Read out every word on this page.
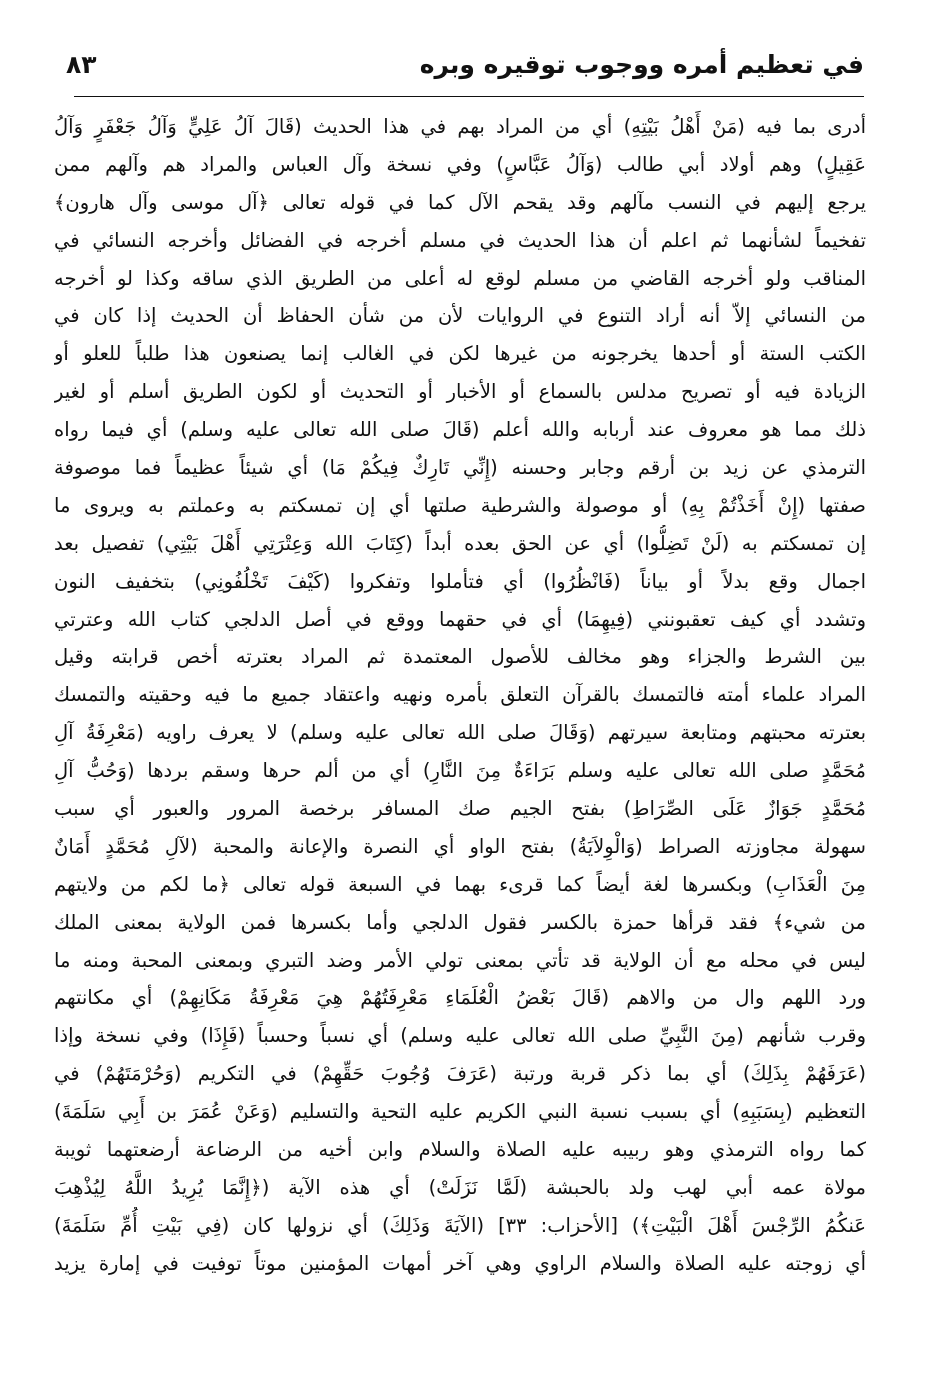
في تعظيم أمره ووجوب توقيره وبره
٨٣
أدرى بما فيه (مَنْ أَهْلُ بَيْتِهِ) أي من المراد بهم في هذا الحديث (قَالَ آلُ عَلِيٍّ وَآلُ جَعْفَرٍ وَآلُ
عَقِيلٍ) وهم أولاد أبي طالب (وَآلُ عَبَّاسٍ) وفي نسخة وآل العباس والمراد هم وآلهم ممن
يرجع إليهم في النسب مآلهم وقد يقحم الآل كما في قوله تعالى ﴿آل موسى وآل هارون﴾
تفخيماً لشأنهما ثم اعلم أن هذا الحديث في مسلم أخرجه في الفضائل وأخرجه النسائي في
المناقب ولو أخرجه القاضي من مسلم لوقع له أعلى من الطريق الذي ساقه وكذا لو أخرجه
من النسائي إلاّ أنه أراد التنوع في الروايات لأن من شأن الحفاظ أن الحديث إذا كان في
الكتب الستة أو أحدها يخرجونه من غيرها لكن في الغالب إنما يصنعون هذا طلباً للعلو أو
الزيادة فيه أو تصريح مدلس بالسماع أو الأخبار أو التحديث أو لكون الطريق أسلم أو لغير
ذلك مما هو معروف عند أربابه والله أعلم (قَالَ صلى الله تعالى عليه وسلم) أي فيما رواه
الترمذي عن زيد بن أرقم وجابر وحسنه (إِنِّي تَارِكٌ فِيكُمْ مَا) أي شيئاً عظيماً فما موصوفة
صفتها (إِنْ أَخَذْتُمْ بِهِ) أو موصولة والشرطية صلتها أي إن تمسكتم به وعملتم به ويروى ما
إن تمسكتم به (لَنْ تَضِلُّوا) أي عن الحق بعده أبداً (كِتَابَ الله وَعِتْرَتِي أَهْلَ بَيْتِي) تفصيل بعد
اجمال وقع بدلاً أو بياناً (فَانْظُرُوا) أي فتأملوا وتفكروا (كَيْفَ تَخْلُفُونِي) بتخفيف النون
وتشدد أي كيف تعقبونني (فِيهِمَا) أي في حقهما ووقع في أصل الدلجي كتاب الله وعترتي
بين الشرط والجزاء وهو مخالف للأصول المعتمدة ثم المراد بعترته أخص قرابته وقيل
المراد علماء أمته فالتمسك بالقرآن التعلق بأمره ونهيه واعتقاد جميع ما فيه وحقيته والتمسك
بعترته محبتهم ومتابعة سيرتهم (وَقَالَ صلى الله تعالى عليه وسلم) لا يعرف راويه (مَعْرِفَةُ آلِ
مُحَمَّدٍ صلى الله تعالى عليه وسلم بَرَاءَةٌ مِنَ النَّارِ) أي من ألم حرها وسقم بردها (وَحُبُّ آلِ
مُحَمَّدٍ جَوَازٌ عَلَى الصِّرَاطِ) بفتح الجيم صك المسافر برخصة المرور والعبور أي سبب
سهولة مجاوزته الصراط (وَالْوِلاَيَةُ) بفتح الواو أي النصرة والإعانة والمحبة (لآلِ مُحَمَّدٍ أَمَانٌ
مِنَ الْعَذَابِ) وبكسرها لغة أيضاً كما قرىء بهما في السبعة قوله تعالى ﴿ما لكم من ولايتهم
من شيء﴾ فقد قرأها حمزة بالكسر فقول الدلجي وأما بكسرها فمن الولاية بمعنى الملك
ليس في محله مع أن الولاية قد تأتي بمعنى تولي الأمر وضد التبري وبمعنى المحبة ومنه ما
ورد اللهم وال من والاهم (قَالَ بَعْضُ الْعُلَمَاءِ مَعْرِفَتُهُمْ هِيَ مَعْرِفَةُ مَكَانِهِمْ) أي مكانتهم
وقرب شأنهم (مِنَ النَّبِيِّ صلى الله تعالى عليه وسلم) أي نسباً وحسباً (فَإِذَا) وفي نسخة وإذا
(عَرَفَهُمْ بِذَلِكَ) أي بما ذكر قربة ورتبة (عَرَفَ وُجُوبَ حَقِّهِمْ) في التكريم (وَحُرْمَتَهُمْ) في
التعظيم (بِسَبَبِهِ) أي بسبب نسبة النبي الكريم عليه التحية والتسليم (وَعَنْ عُمَرَ بن أَبِي سَلَمَةَ)
كما رواه الترمذي وهو ربيبه عليه الصلاة والسلام وابن أخيه من الرضاعة أرضعتهما ثويبة
مولاة عمه أبي لهب ولد بالحبشة (لَمَّا نَزَلَتْ) أي هذه الآية (﴿إِنَّمَا يُرِيدُ اللَّهُ لِيُذْهِبَ
عَنكُمُ الرِّجْسَ أَهْلَ الْبَيْتِ﴾) [الأحزاب: ٣٣] (الآيَةَ وَذَلِكَ) أي نزولها كان (فِي بَيْتِ أُمِّ سَلَمَةَ)
أي زوجته عليه الصلاة والسلام الراوي وهي آخر أمهات المؤمنين موتاً توفيت في إمارة يزيد
